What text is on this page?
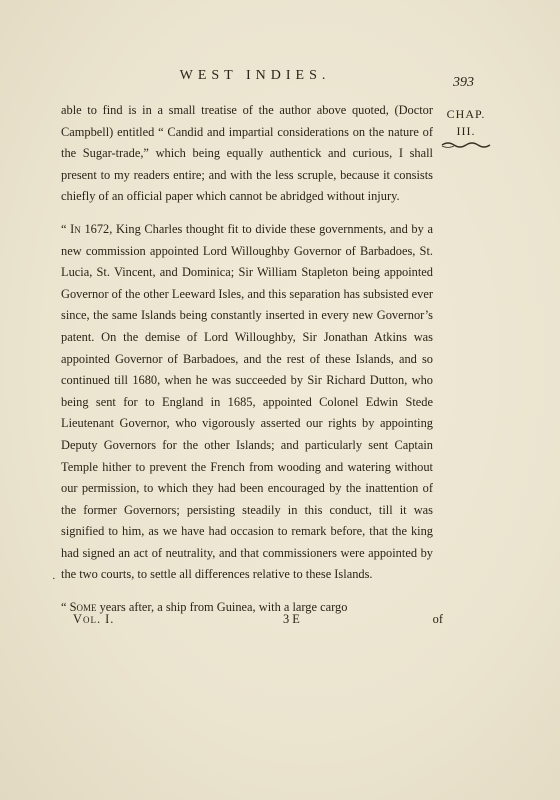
WEST INDIES.	393
CHAP.
III.

able to find is in a small treatise of the author above quoted, (Doctor Campbell) entitled “ Candid and impartial considerations on the nature of the Sugar-trade,” which being equally authentick and curious, I shall present to my readers entire; and with the less scruple, because it consists chiefly of an official paper which cannot be abridged without injury.

“ In 1672, King Charles thought fit to divide these governments, and by a new commission appointed Lord Willoughby Governor of Barbadoes, St. Lucia, St. Vincent, and Dominica; Sir William Stapleton being appointed Governor of the other Leeward Isles, and this separation has subsisted ever since, the same Islands being constantly inserted in every new Governor’s patent. On the demise of Lord Willoughby, Sir Jonathan Atkins was appointed Governor of Barbadoes, and the rest of these Islands, and so continued till 1680, when he was succeeded by Sir Richard Dutton, who being sent for to England in 1685, appointed Colonel Edwin Stede Lieutenant Governor, who vigorously asserted our rights by appointing Deputy Governors for the other Islands; and particularly sent Captain Temple hither to prevent the French from wooding and watering without our permission, to which they had been encouraged by the inattention of the former Governors; persisting steadily in this conduct, till it was signified to him, as we have had occasion to remark before, that the king had signed an act of neutrality, and that commissioners were appointed by the two courts, to settle all differences relative to these Islands.

“ Some years after, a ship from Guinea, with a large cargo

·
Vol. I.	3 E	of
